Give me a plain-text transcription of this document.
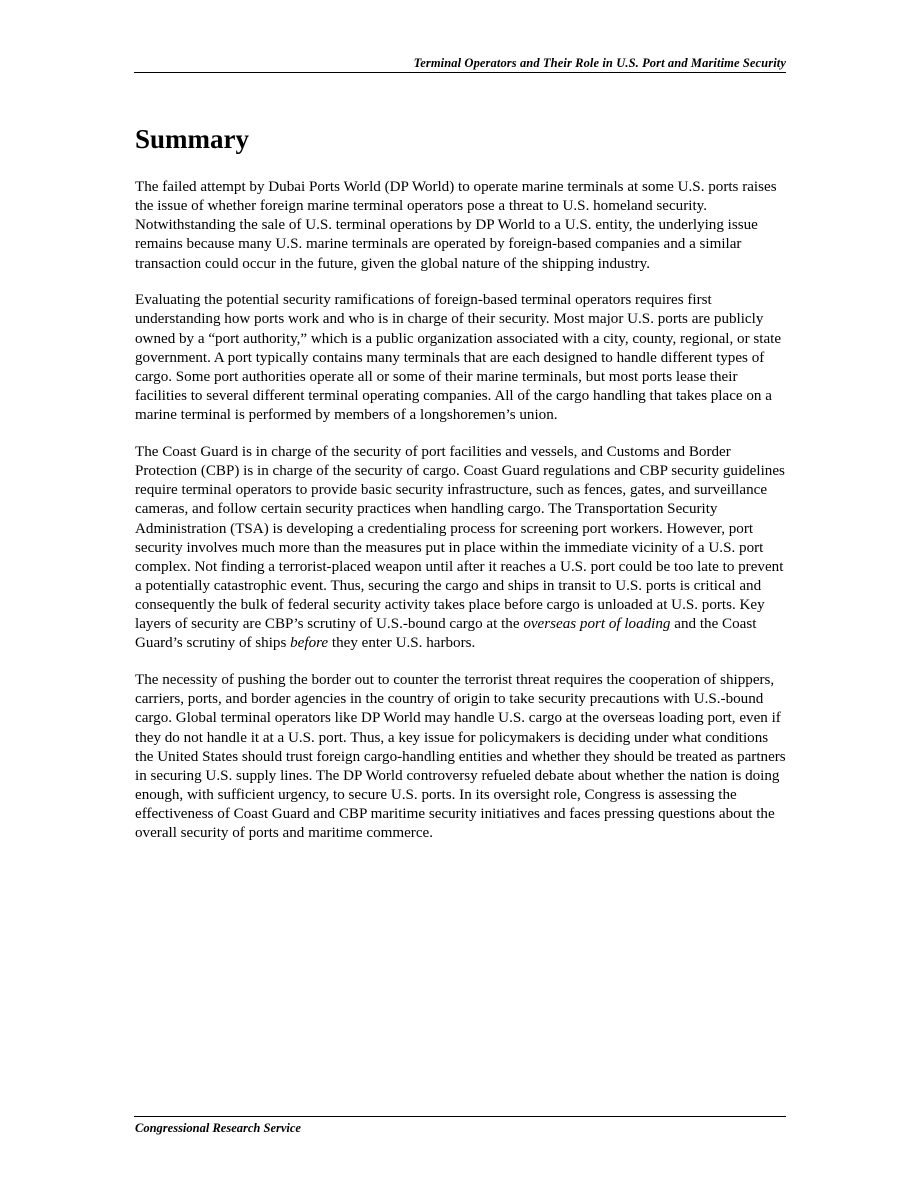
Terminal Operators and Their Role in U.S. Port and Maritime Security
Summary

The failed attempt by Dubai Ports World (DP World) to operate marine terminals at some U.S. ports raises the issue of whether foreign marine terminal operators pose a threat to U.S. homeland security. Notwithstanding the sale of U.S. terminal operations by DP World to a U.S. entity, the underlying issue remains because many U.S. marine terminals are operated by foreign-based companies and a similar transaction could occur in the future, given the global nature of the shipping industry.

Evaluating the potential security ramifications of foreign-based terminal operators requires first understanding how ports work and who is in charge of their security. Most major U.S. ports are publicly owned by a “port authority,” which is a public organization associated with a city, county, regional, or state government. A port typically contains many terminals that are each designed to handle different types of cargo. Some port authorities operate all or some of their marine terminals, but most ports lease their facilities to several different terminal operating companies. All of the cargo handling that takes place on a marine terminal is performed by members of a longshoremen’s union.

The Coast Guard is in charge of the security of port facilities and vessels, and Customs and Border Protection (CBP) is in charge of the security of cargo. Coast Guard regulations and CBP security guidelines require terminal operators to provide basic security infrastructure, such as fences, gates, and surveillance cameras, and follow certain security practices when handling cargo. The Transportation Security Administration (TSA) is developing a credentialing process for screening port workers. However, port security involves much more than the measures put in place within the immediate vicinity of a U.S. port complex. Not finding a terrorist-placed weapon until after it reaches a U.S. port could be too late to prevent a potentially catastrophic event. Thus, securing the cargo and ships in transit to U.S. ports is critical and consequently the bulk of federal security activity takes place before cargo is unloaded at U.S. ports. Key layers of security are CBP’s scrutiny of U.S.-bound cargo at the overseas port of loading and the Coast Guard’s scrutiny of ships before they enter U.S. harbors.

The necessity of pushing the border out to counter the terrorist threat requires the cooperation of shippers, carriers, ports, and border agencies in the country of origin to take security precautions with U.S.-bound cargo. Global terminal operators like DP World may handle U.S. cargo at the overseas loading port, even if they do not handle it at a U.S. port. Thus, a key issue for policymakers is deciding under what conditions the United States should trust foreign cargo-handling entities and whether they should be treated as partners in securing U.S. supply lines. The DP World controversy refueled debate about whether the nation is doing enough, with sufficient urgency, to secure U.S. ports. In its oversight role, Congress is assessing the effectiveness of Coast Guard and CBP maritime security initiatives and faces pressing questions about the overall security of ports and maritime commerce.

Congressional Research Service
